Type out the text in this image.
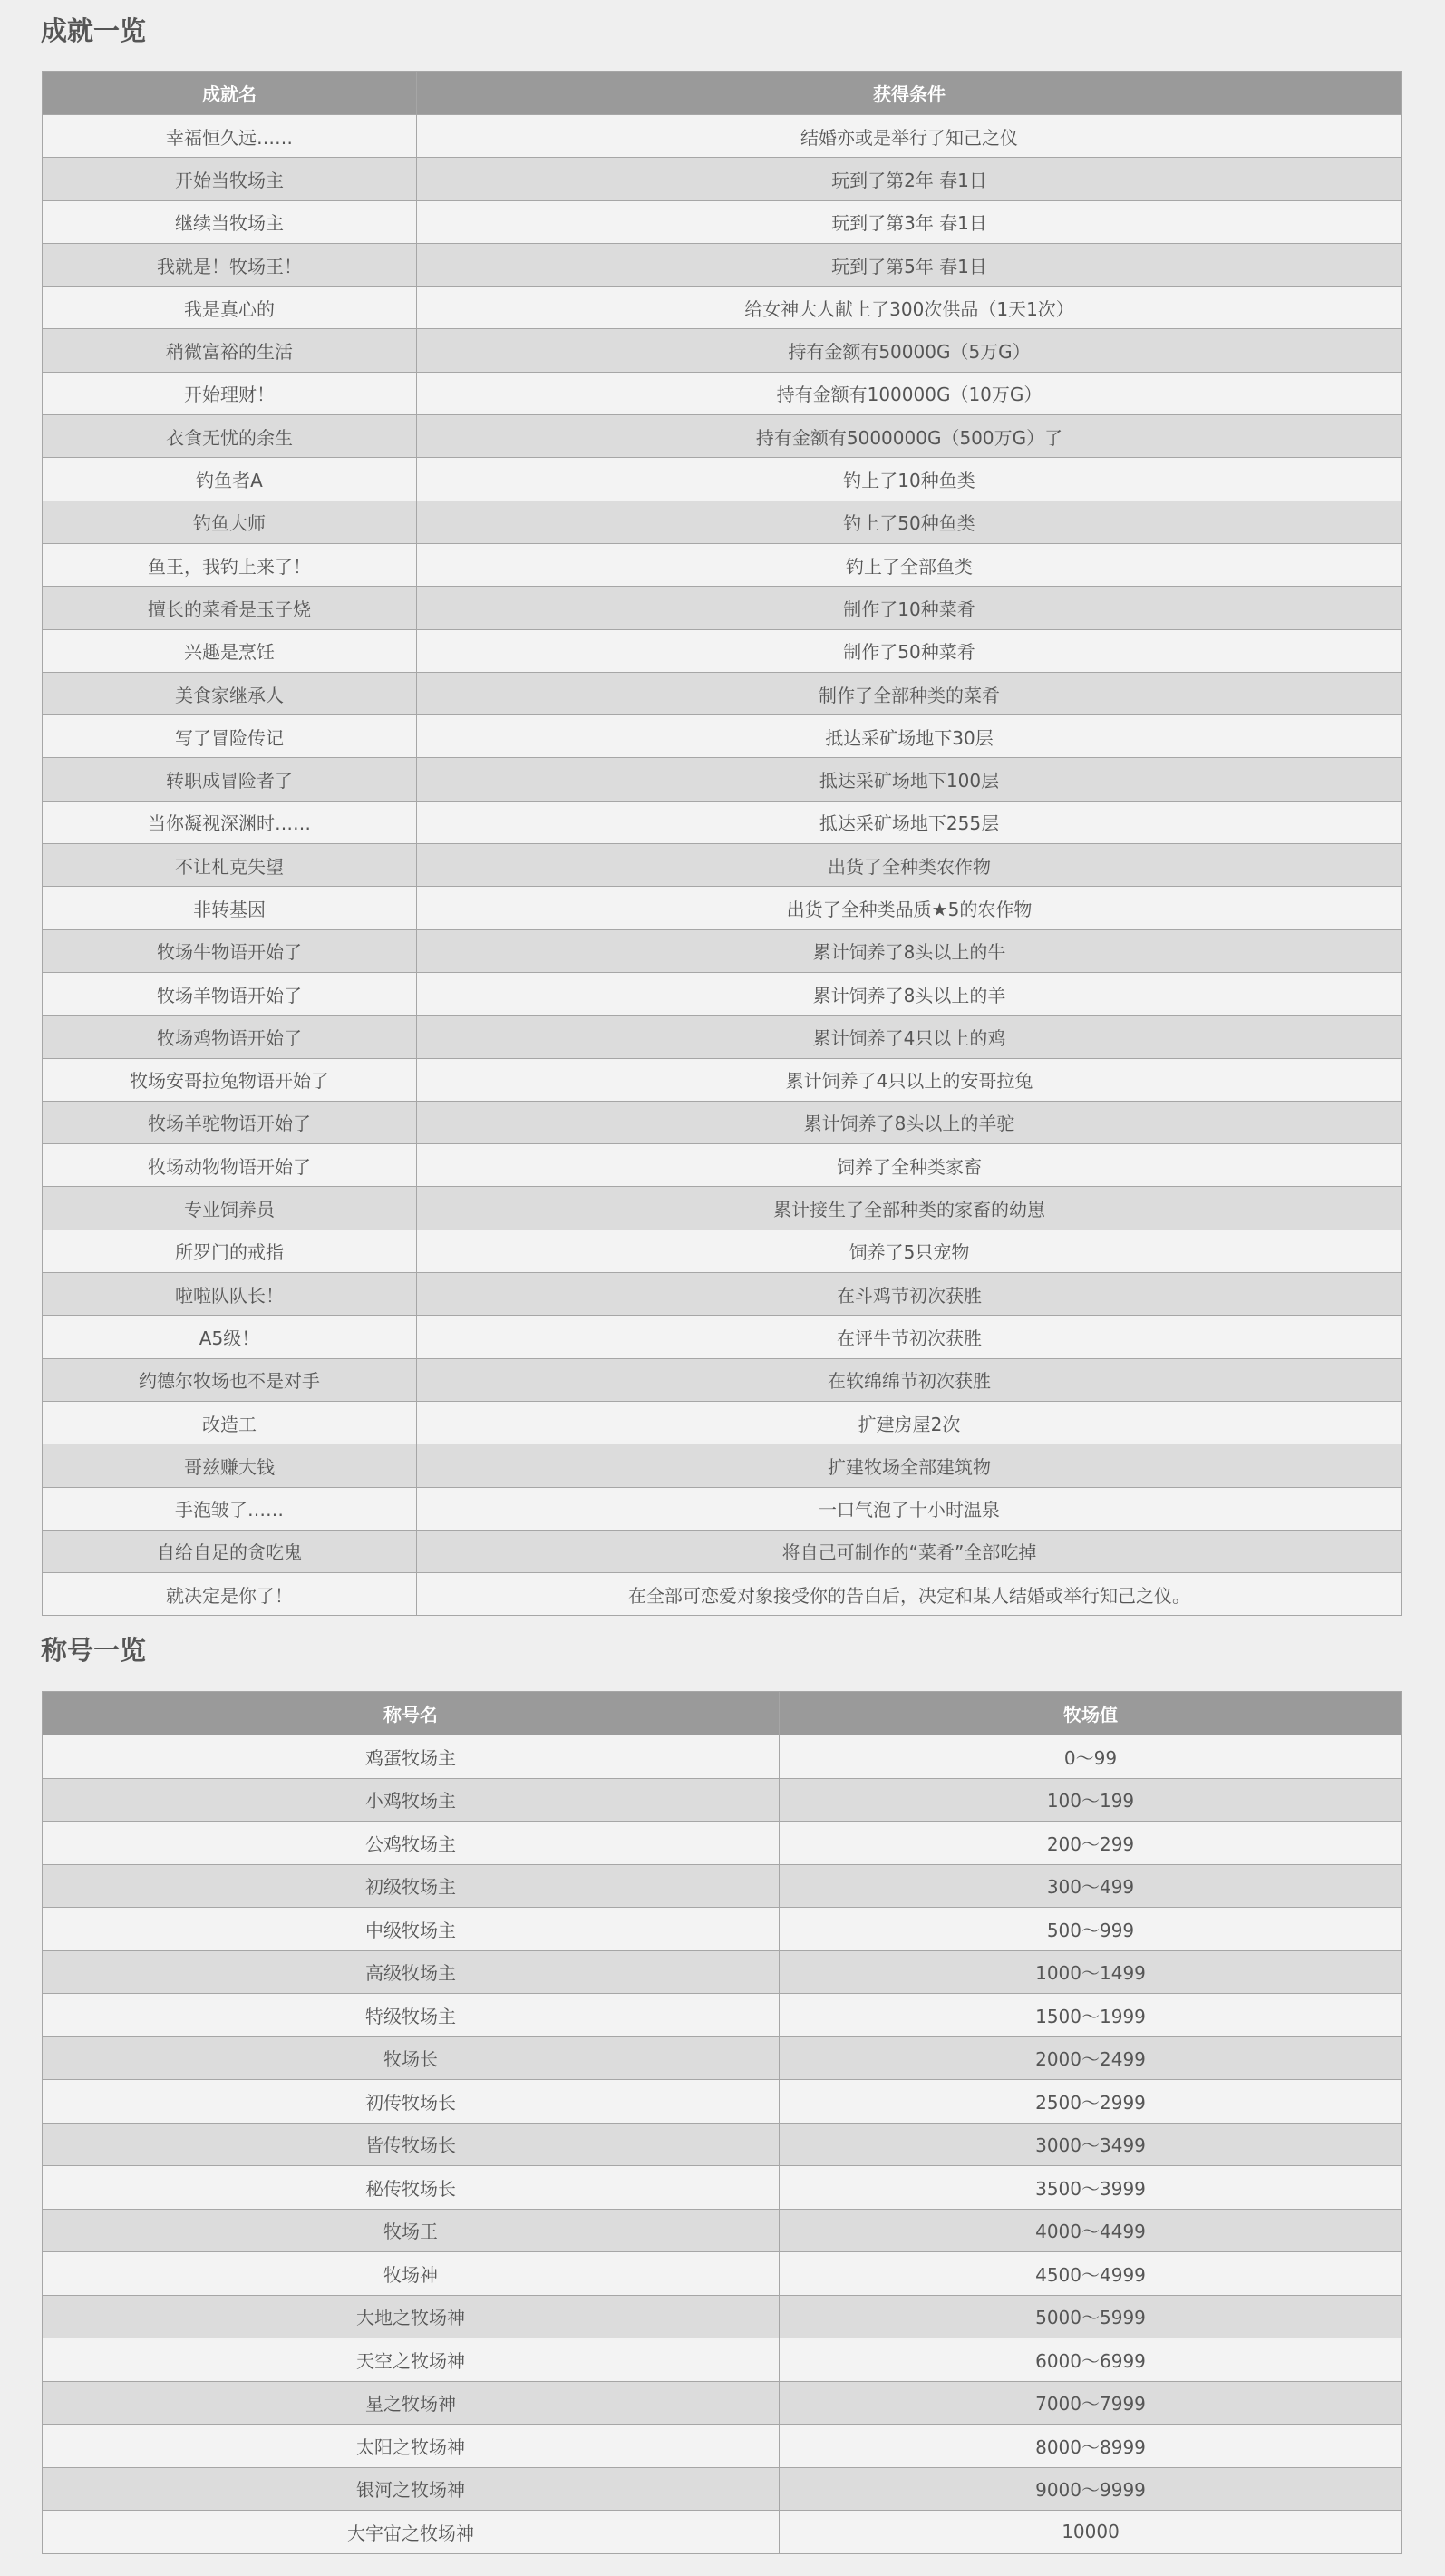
成就一览
成就名	获得条件
幸福恒久远……	结婚亦或是举行了知己之仪
开始当牧场主	玩到了第2年 春1日
继续当牧场主	玩到了第3年 春1日
我就是！牧场王！	玩到了第5年 春1日
我是真心的	给女神大人献上了300次供品（1天1次）
稍微富裕的生活	持有金额有50000G（5万G）
开始理财！	持有金额有100000G（10万G）
衣食无忧的余生	持有金额有5000000G（500万G）了
钓鱼者A	钓上了10种鱼类
钓鱼大师	钓上了50种鱼类
鱼王，我钓上来了！	钓上了全部鱼类
擅长的菜肴是玉子烧	制作了10种菜肴
兴趣是烹饪	制作了50种菜肴
美食家继承人	制作了全部种类的菜肴
写了冒险传记	抵达采矿场地下30层
转职成冒险者了	抵达采矿场地下100层
当你凝视深渊时……	抵达采矿场地下255层
不让札克失望	出货了全种类农作物
非转基因	出货了全种类品质★5的农作物
牧场牛物语开始了	累计饲养了8头以上的牛
牧场羊物语开始了	累计饲养了8头以上的羊
牧场鸡物语开始了	累计饲养了4只以上的鸡
牧场安哥拉兔物语开始了	累计饲养了4只以上的安哥拉兔
牧场羊驼物语开始了	累计饲养了8头以上的羊驼
牧场动物物语开始了	饲养了全种类家畜
专业饲养员	累计接生了全部种类的家畜的幼崽
所罗门的戒指	饲养了5只宠物
啦啦队队长！	在斗鸡节初次获胜
A5级！	在评牛节初次获胜
约德尔牧场也不是对手	在软绵绵节初次获胜
改造工	扩建房屋2次
哥兹赚大钱	扩建牧场全部建筑物
手泡皱了……	一口气泡了十小时温泉
自给自足的贪吃鬼	将自己可制作的“菜肴”全部吃掉
就决定是你了！	在全部可恋爱对象接受你的告白后，决定和某人结婚或举行知己之仪。
称号一览
称号名	牧场值
鸡蛋牧场主	0～99
小鸡牧场主	100～199
公鸡牧场主	200～299
初级牧场主	300～499
中级牧场主	500～999
高级牧场主	1000～1499
特级牧场主	1500～1999
牧场长	2000～2499
初传牧场长	2500～2999
皆传牧场长	3000～3499
秘传牧场长	3500～3999
牧场王	4000～4499
牧场神	4500～4999
大地之牧场神	5000～5999
天空之牧场神	6000～6999
星之牧场神	7000～7999
太阳之牧场神	8000～8999
银河之牧场神	9000～9999
大宇宙之牧场神	10000
